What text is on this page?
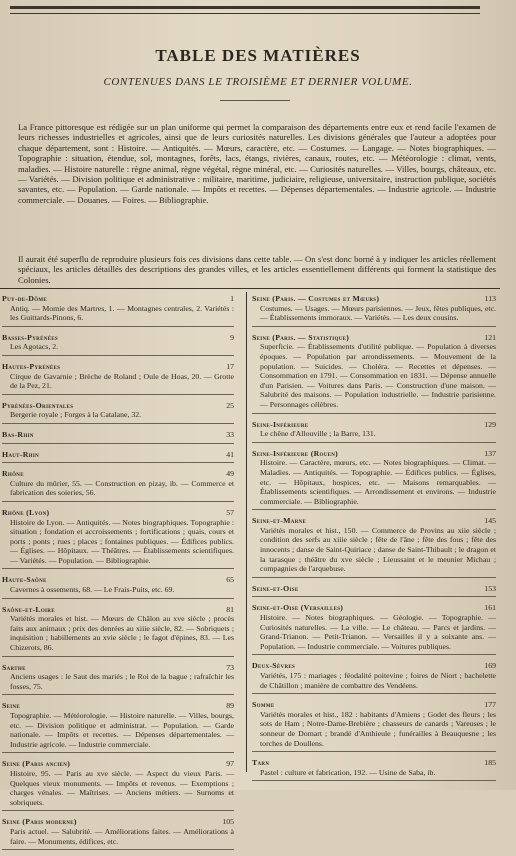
TABLE DES MATIÈRES
CONTENUES DANS LE TROISIÈME ET DERNIER VOLUME.
La France pittoresque est rédigée sur un plan uniforme qui permet la comparaison des départements entre eux et rend facile l'examen de leurs richesses industrielles et agricoles, ainsi que de leurs curiosités naturelles. Les divisions générales que l'auteur a adoptées pour chaque département, sont : Histoire. — Antiquités. — Mœurs, caractère, etc. — Costumes. — Langage. — Notes biographiques. — Topographie : situation, étendue, sol, montagnes, forêts, lacs, étangs, rivières, canaux, routes, etc. — Météorologie : climat, vents, maladies. — Histoire naturelle : règne animal, règne végétal, règne minéral, etc. — Curiosités naturelles. — Villes, bourgs, châteaux, etc. — Variétés. — Division politique et administrative : militaire, maritime, judiciaire, religieuse, universitaire, instruction publique, sociétés savantes, etc. — Population. — Garde nationale. — Impôts et recettes. — Dépenses départementales. — Industrie agricole. — Industrie commerciale. — Douanes. — Foires. — Bibliographie.
Il aurait été superflu de reproduire plusieurs fois ces divisions dans cette table. — On s'est donc borné à y indiquer les articles réellement spéciaux, les articles détaillés des descriptions des grandes villes, et les articles essentiellement différents qui forment la statistique des Colonies.
Puy-de-Dôme	1
Antiq. — Momie des Martres, 1. — Montagnes centrales, 2. Variétés : les Guittards-Pinons, 6.
Basses-Pyrénées	9
Les Agotacs, 2.
Hautes-Pyrénées	17
Cirque de Gavarnie ; Brèche de Roland ; Oule de Hoas, 20. — Grotte de la Pez, 21.
Pyrénées-Orientales	25
Bergerie royale ; Forges à la Catalane, 32.
Bas-Rhin	33
Haut-Rhin	41
Rhône	49
Culture du mûrier, 55. — Construction en pizay, ib. — Commerce et fabrication des soieries, 56.
Rhône (Lyon)	57
Histoire de Lyon. — Antiquités. — Notes biographiques. Topographie : situation ; fondation et accroissements ; fortifications ; quais, cours et ports ; ponts ; rues ; places ; fontaines publiques. — Édifices publics. — Églises. — Hôpitaux. — Théâtres. — Établissements scientifiques. — Variétés. — Population. — Bibliographie.
Haute-Saône	65
Cavernes à ossements, 68. — Le Frais-Puits, etc. 69.
Saône-et-Loire	81
Variétés morales et hist. — Mœurs de Châlon au xve siècle ; procès faits aux animaux ; prix des denrées au xiiie siècle, 82. — Sobriquets ; inquisition ; habillements au xvie siècle ; le fagot d'épines, 83. — Les Chizerots, 86.
Sarthe	73
Anciens usages : le Saut des mariés ; le Roi de la bague ; rafraîchir les fosses, 75.
Seine	89
Topographie. — Météorologie. — Histoire naturelle. — Villes, bourgs, etc. — Division politique et administrat. — Population. — Garde nationale. — Impôts et recettes. — Dépenses départementales. — Industrie agricole. — Industrie commerciale.
Seine (Paris ancien)	97
Histoire, 95. — Paris au xve siècle. — Aspect du vieux Paris. — Quelques vieux monuments. — Impôts et revenus. — Exemptions ; charges vénales. — Maîtrises. — Anciens métiers. — Surnoms et sobriquets.
Seine (Paris moderne)	105
Paris actuel. — Salubrité. — Améliorations faites. — Améliorations à faire. — Monuments, édifices, etc.
Seine (Paris. — Costumes et Mœurs)	113
Costumes. — Usages. — Mœurs parisiennes. — Jeux, fêtes publiques, etc. — Établissements immoraux. — Variétés. — Les deux cousins.
Seine (Paris. — Statistique)	121
Superficie. — Établissements d'utilité publique. — Population à diverses époques. — Population par arrondissements. — Mouvement de la population. — Suicides. — Choléra. — Recettes et dépenses. — Consommation en 1791. — Consommation en 1831. — Dépense annuelle d'un Parisien. — Voitures dans Paris. — Construction d'une maison. — Salubrité des maisons. — Population industrielle. — Industrie parisienne. — Personnages célèbres.
Seine-Inférieure	129
Le chêne d'Allouville ; la Barre, 131.
Seine-Inférieure (Rouen)	137
Histoire. — Caractère, mœurs, etc. — Notes biographiques. — Climat. — Maladies. — Antiquités. — Topographie. — Édifices publics. — Églises, etc. — Hôpitaux, hospices, etc. — Maisons remarquables. — Établissements scientifiques. — Arrondissement et environs. — Industrie commerciale. — Bibliographie.
Seine-et-Marne	145
Variétés morales et hist., 150. — Commerce de Provins au xiie siècle ; condition des serfs au xiiie siècle ; fête de l'âne ; fête des fous ; fête des innocents ; danse de Saint-Quiriace ; danse de Saint-Thibault ; le dragon et la tarasque ; théâtre du xve siècle ; Lieussaint et le meunier Michau ; compagnies de l'arquebuse.
Seine-et-Oise	153
Seine-et-Oise (Versailles)	161
Histoire. — Notes biographiques. — Géologie. — Topographie. — Curiosités naturelles. — La ville. — Le château. — Parcs et jardins. — Grand-Trianon. — Petit-Trianon. — Versailles il y a soixante ans. — Population. — Industrie commerciale. — Voitures publiques.
Deux-Sèvres	169
Variétés, 175 : mariages ; féodalité poitevine ; foires de Niort ; bachelette de Châtillon ; manière de combattre des Vendéens.
Somme	177
Variétés morales et hist., 182 : habitants d'Amiens ; Godet des fleurs ; les sots de Ham ; Notre-Dame-Brebière ; chasseurs de canards ; Vareuses ; le sonneur de Domart ; brandé d'Anthieule ; funérailles à Beauquesne ; les torches de Doullens.
Tarn	185
Pastel : culture et fabrication, 192. — Usine de Saba, ib.
